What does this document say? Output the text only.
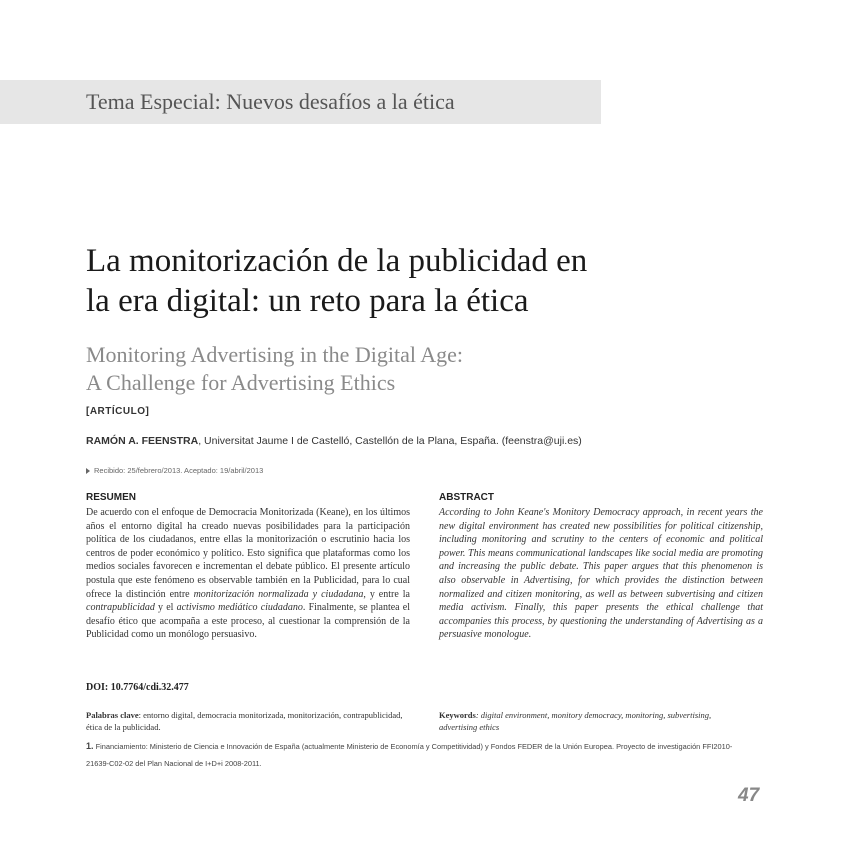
Tema Especial: Nuevos desafíos a la ética
La monitorización de la publicidad en
la era digital: un reto para la ética
Monitoring Advertising in the Digital Age:
A Challenge for Advertising Ethics
[ARTÍCULO]
RAMÓN A. FEENSTRA, Universitat Jaume I de Castelló, Castellón de la Plana, España. (feenstra@uji.es)
Recibido: 25/febrero/2013. Aceptado: 19/abril/2013
RESUMEN	ABSTRACT
De acuerdo con el enfoque de Democracia Monitorizada (Keane), en los últimos años el entorno digital ha creado nuevas posibilidades para la participación política de los ciudadanos, entre ellas la monitorización o escrutinio hacia los centros de poder económico y político. Esto significa que plataformas como los medios sociales favorecen e incrementan el debate público. El presente artículo postula que este fenómeno es observable también en la Publicidad, para lo cual ofrece la distinción entre monitorización normalizada y ciudadana, y entre la contrapublicidad y el activismo mediático ciudadano. Finalmente, se plantea el desafío ético que acompaña a este proceso, al cuestionar la comprensión de la Publicidad como un monólogo persuasivo.
According to John Keane's Monitory Democracy approach, in recent years the new digital environment has created new possibilities for political citizenship, including monitoring and scrutiny to the centers of economic and political power. This means communicational landscapes like social media are promoting and increasing the public debate. This paper argues that this phenomenon is also observable in Advertising, for which provides the distinction between normalized and citizen monitoring, as well as between subvertising and citizen media activism. Finally, this paper presents the ethical challenge that accompanies this process, by questioning the understanding of Advertising as a persuasive monologue.
DOI: 10.7764/cdi.32.477
Palabras clave: entorno digital, democracia monitorizada, monitorización, contrapublicidad, ética de la publicidad.
Keywords: digital environment, monitory democracy, monitoring, subvertising, advertising ethics
1. Financiamiento: Ministerio de Ciencia e Innovación de España (actualmente Ministerio de Economía y Competitividad) y Fondos FEDER de la Unión Europea. Proyecto de investigación FFI2010-21639-C02-02 del Plan Nacional de I+D+i 2008-2011.
47
